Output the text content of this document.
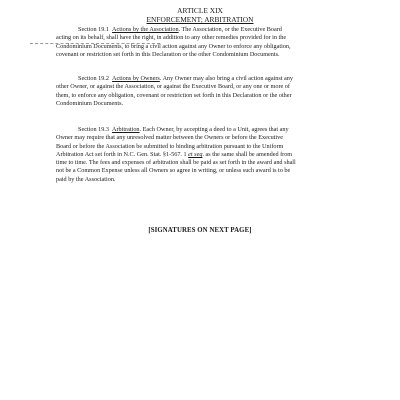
ARTICLE XIX
ENFORCEMENT; ARBITRATION
Section 19.1 Actions by the Association. The Association, or the Executive Board
acting on its behalf, shall have the right, in addition to any other remedies provided for in the
Condominium Documents, to bring a civil action against any Owner to enforce any obligation,
covenant or restriction set forth in this Declaration or the other Condominium Documents.
Section 19.2 Actions by Owners. Any Owner may also bring a civil action against any
other Owner, or against the Association, or against the Executive Board, or any one or more of
them, to enforce any obligation, covenant or restriction set forth in this Declaration or the other
Condominium Documents.
Section 19.3 Arbitration. Each Owner, by accepting a deed to a Unit, agrees that any
Owner may require that any unresolved matter between the Owners or before the Executive
Board or before the Association be submitted to binding arbitration pursuant to the Uniform
Arbitration Act set forth in N.C. Gen. Stat. §1-567. 1 et seq. as the same shall be amended from
time to time. The fees and expenses of arbitration shall be paid as set forth in the award and shall
not be a Common Expense unless all Owners so agree in writing, or unless such award is to be
paid by the Association.
[SIGNATURES ON NEXT PAGE]
